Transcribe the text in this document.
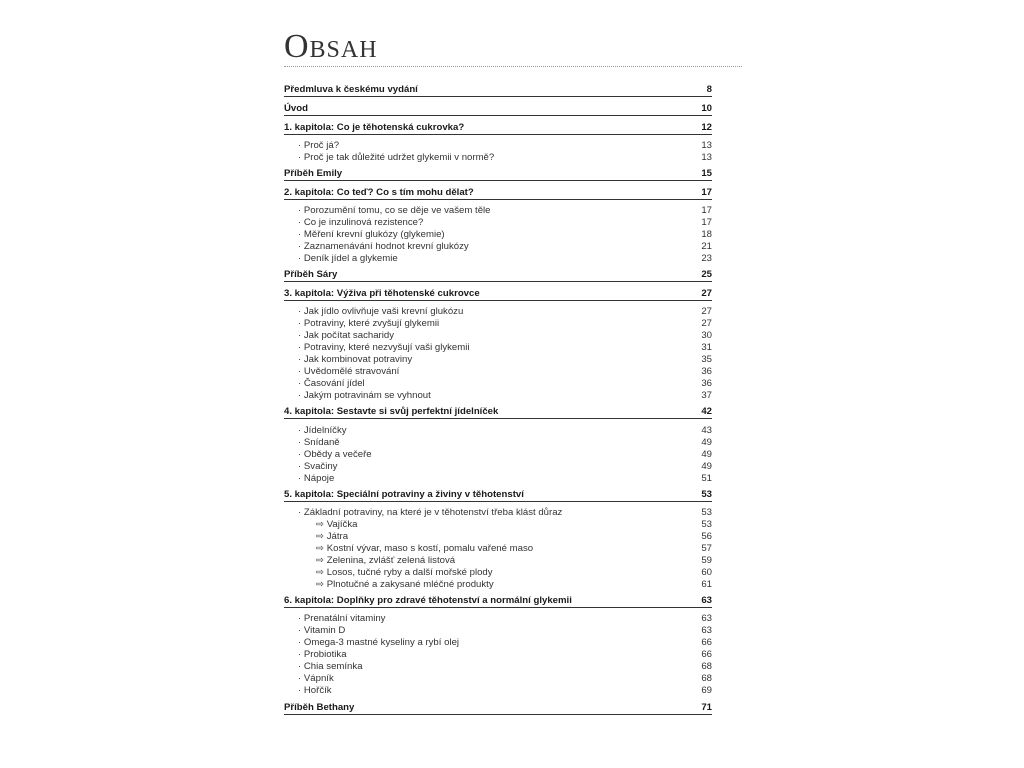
Obsah
Předmluva k českému vydání	8
Úvod	10
1. kapitola: Co je těhotenská cukrovka?	12
· Proč já?	13
· Proč je tak důležité udržet glykemii v normě?	13
Příběh Emily	15
2. kapitola: Co teď? Co s tím mohu dělat?	17
· Porozumění tomu, co se děje ve vašem těle	17
· Co je inzulinová rezistence?	17
· Měření krevní glukózy (glykemie)	18
· Zaznamenávání hodnot krevní glukózy	21
· Deník jídel a glykemie	23
Příběh Sáry	25
3. kapitola: Výživa při těhotenské cukrovce	27
· Jak jídlo ovlivňuje vaši krevní glukózu	27
· Potraviny, které zvyšují glykemii	27
· Jak počítat sacharidy	30
· Potraviny, které nezvyšují vaši glykemii	31
· Jak kombinovat potraviny	35
· Uvědomělé stravování	36
· Časování jídel	36
· Jakým potravinám se vyhnout	37
4. kapitola: Sestavte si svůj perfektní jídelníček	42
· Jídelníčky	43
· Snídaně	49
· Obědy a večeře	49
· Svačiny	49
· Nápoje	51
5. kapitola: Speciální potraviny a živiny v těhotenství	53
· Základní potraviny, na které je v těhotenství třeba klást důraz	53
⇨ Vajíčka	53
⇨ Játra	56
⇨ Kostní vývar, maso s kostí, pomalu vařené maso	57
⇨ Zelenina, zvlášť zelená listová	59
⇨ Losos, tučné ryby a další mořské plody	60
⇨ Plnotučné a zakysané mléčné produkty	61
6. kapitola: Doplňky pro zdravé těhotenství a normální glykemii	63
· Prenatální vitaminy	63
· Vitamin D	63
· Omega-3 mastné kyseliny a rybí olej	66
· Probiotika	66
· Chia semínka	68
· Vápník	68
· Hořčík	69
Příběh Bethany	71
